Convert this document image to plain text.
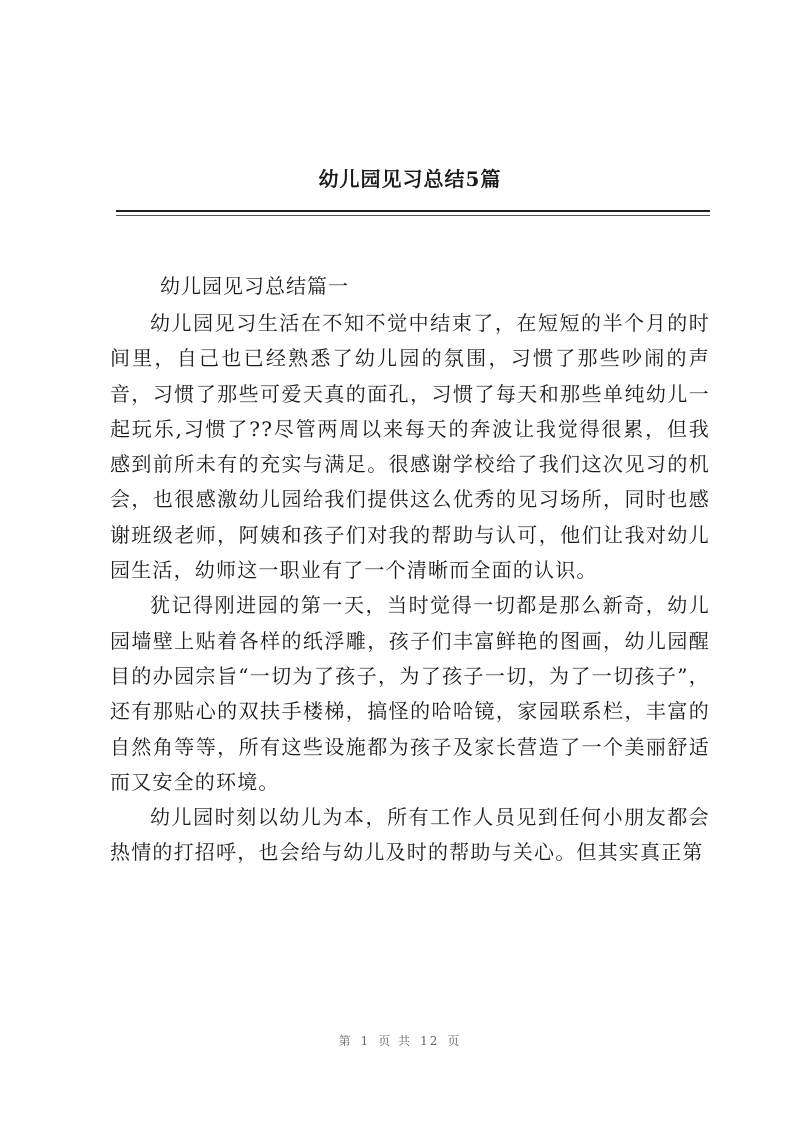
幼儿园见习总结5篇
幼儿园见习总结篇一

幼儿园见习生活在不知不觉中结束了，在短短的半个月的时间里，自己也已经熟悉了幼儿园的氛围，习惯了那些吵闹的声音，习惯了那些可爱天真的面孔，习惯了每天和那些单纯幼儿一起玩乐,习惯了??尽管两周以来每天的奔波让我觉得很累，但我感到前所未有的充实与满足。很感谢学校给了我们这次见习的机会，也很感激幼儿园给我们提供这么优秀的见习场所，同时也感谢班级老师，阿姨和孩子们对我的帮助与认可，他们让我对幼儿园生活，幼师这一职业有了一个清晰而全面的认识。

犹记得刚进园的第一天，当时觉得一切都是那么新奇，幼儿园墙壁上贴着各样的纸浮雕，孩子们丰富鲜艳的图画，幼儿园醒目的办园宗旨“一切为了孩子，为了孩子一切，为了一切孩子”，还有那贴心的双扶手楼梯，搞怪的哈哈镜，家园联系栏，丰富的自然角等等，所有这些设施都为孩子及家长营造了一个美丽舒适而又安全的环境。

幼儿园时刻以幼儿为本，所有工作人员见到任何小朋友都会热情的打招呼，也会给与幼儿及时的帮助与关心。但其实真正第

第 1 页 共 12 页
